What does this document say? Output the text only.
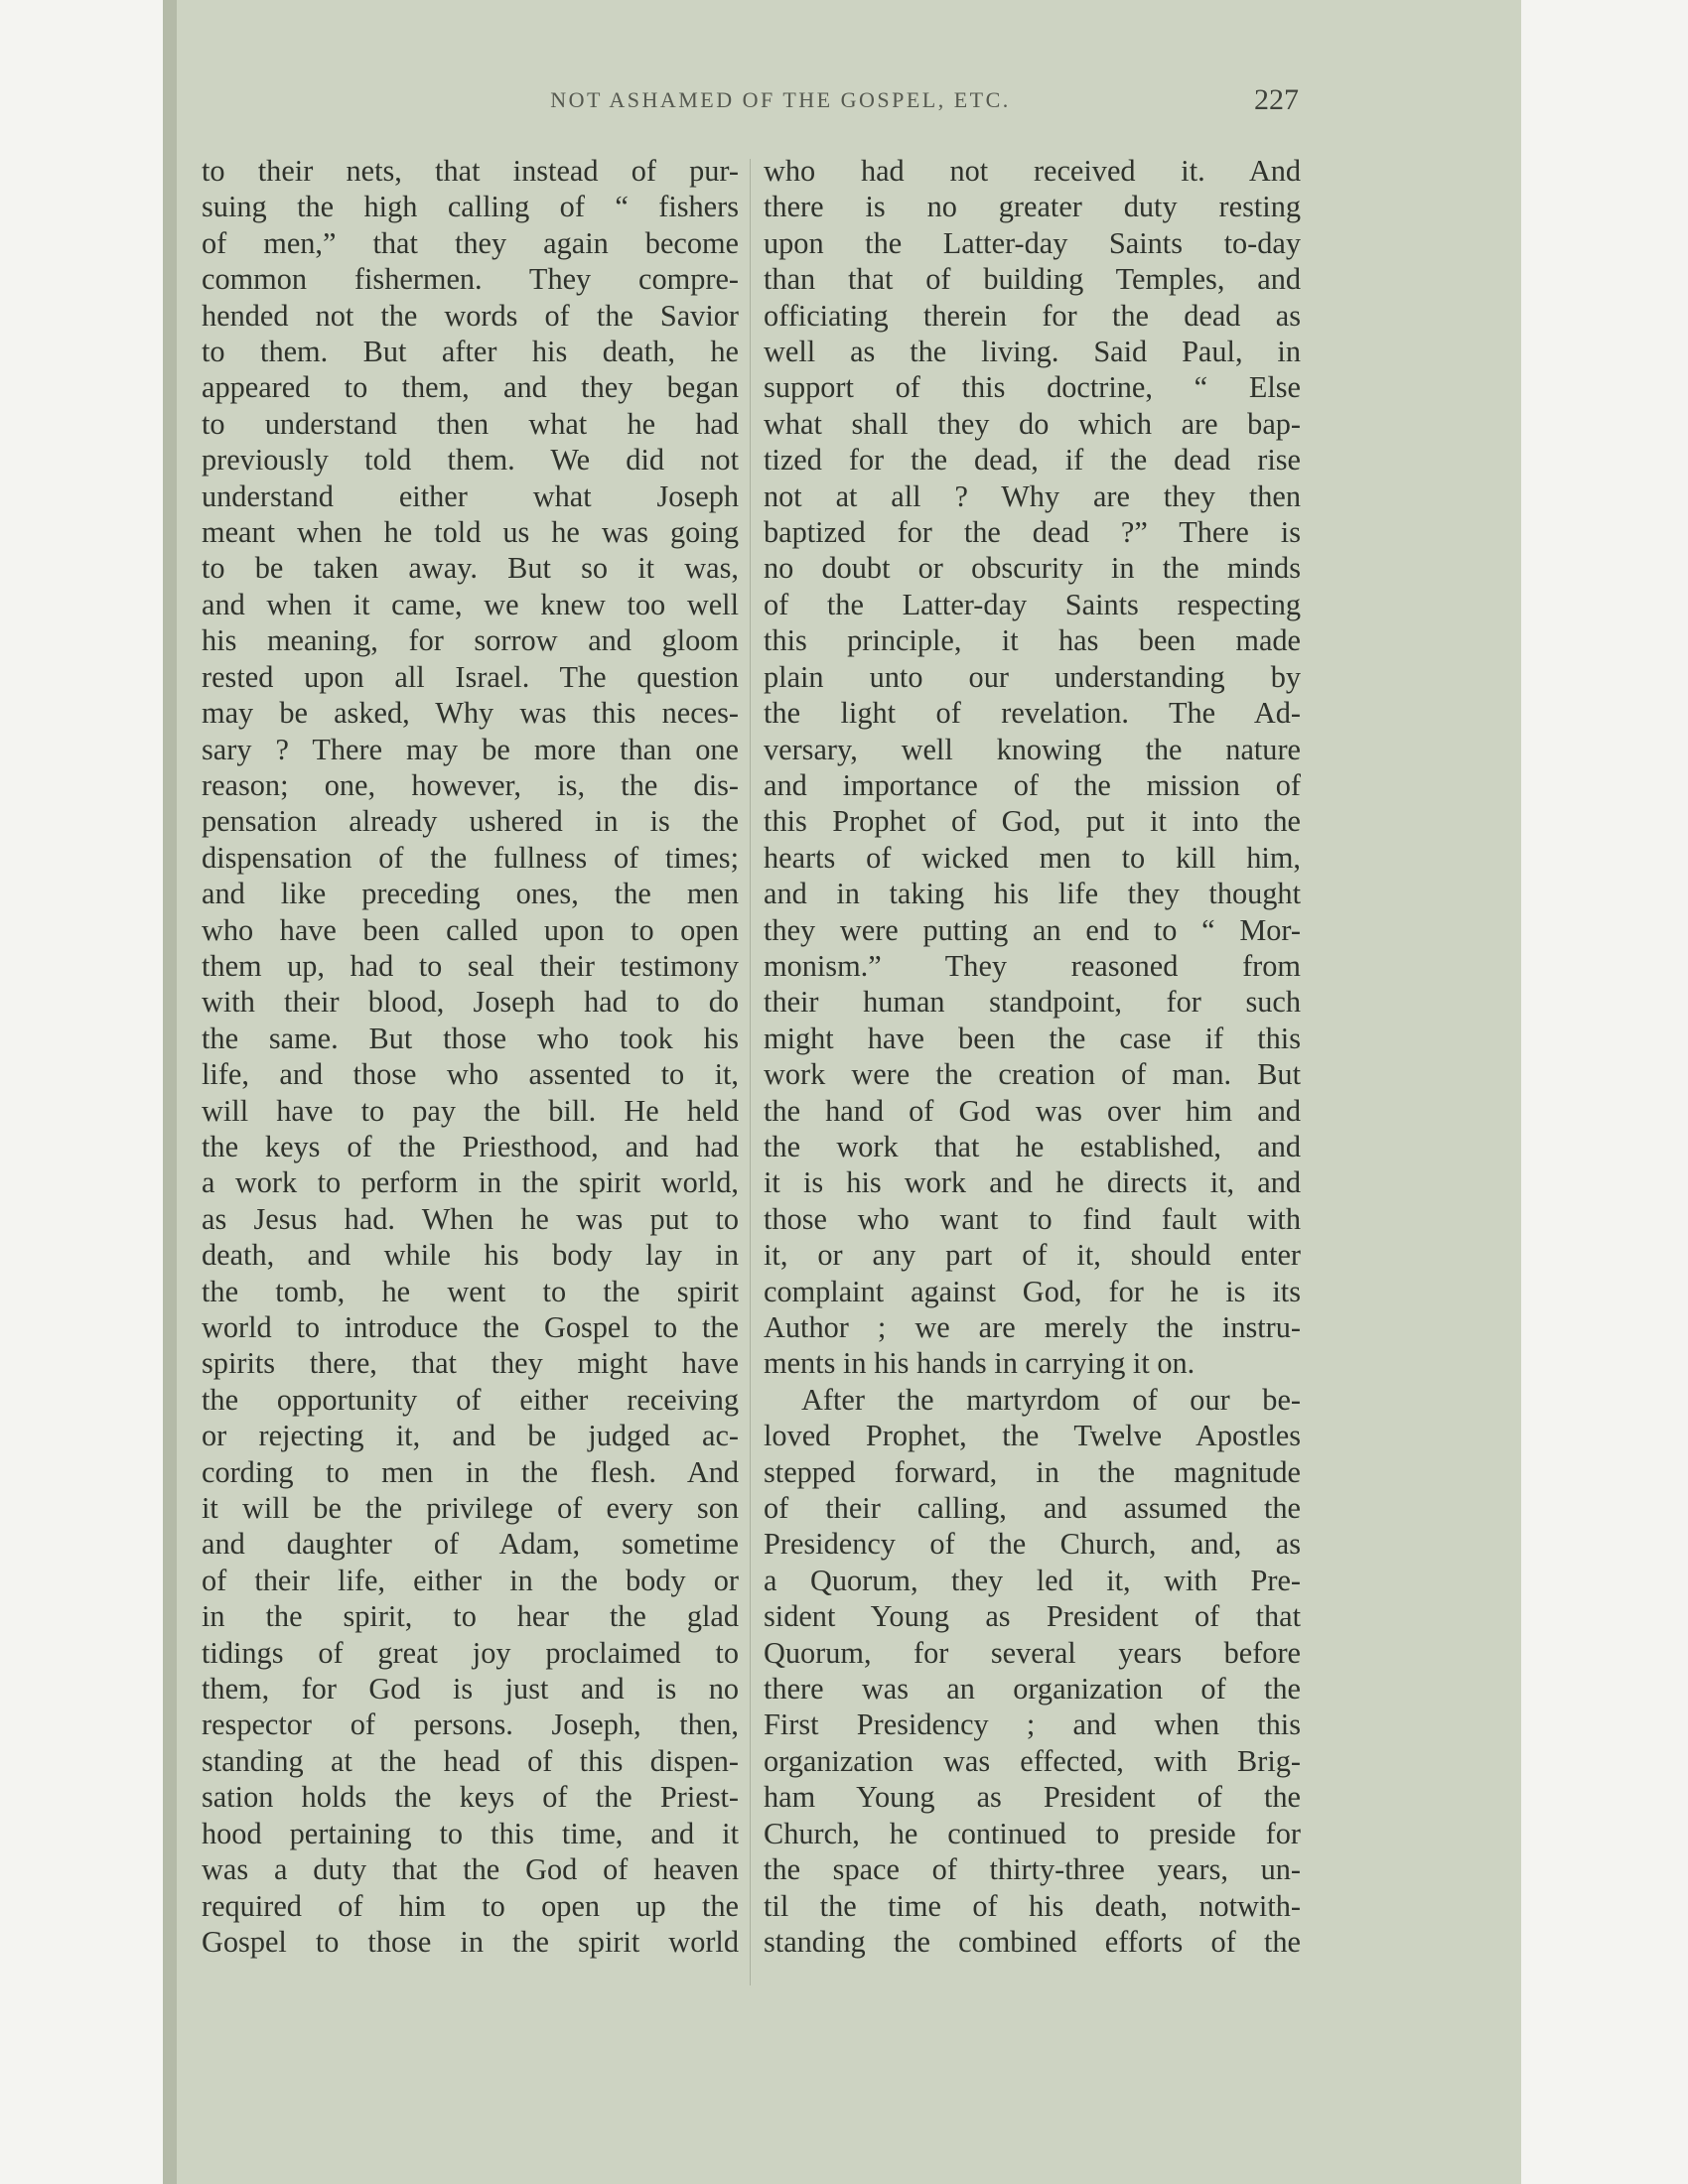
NOT ASHAMED OF THE GOSPEL, ETC.	227
to their nets, that instead of pur-
suing the high calling of “ fishers
of men,” that they again become
common fishermen. They compre-
hended not the words of the Savior
to them. But after his death, he
appeared to them, and they began
to understand then what he had
previously told them. We did not
understand either what Joseph
meant when he told us he was going
to be taken away. But so it was,
and when it came, we knew too well
his meaning, for sorrow and gloom
rested upon all Israel. The question
may be asked, Why was this neces-
sary ? There may be more than one
reason; one, however, is, the dis-
pensation already ushered in is the
dispensation of the fullness of times;
and like preceding ones, the men
who have been called upon to open
them up, had to seal their testimony
with their blood, Joseph had to do
the same. But those who took his
life, and those who assented to it,
will have to pay the bill. He held
the keys of the Priesthood, and had
a work to perform in the spirit world,
as Jesus had. When he was put to
death, and while his body lay in
the tomb, he went to the spirit
world to introduce the Gospel to the
spirits there, that they might have
the opportunity of either receiving
or rejecting it, and be judged ac-
cording to men in the flesh. And
it will be the privilege of every son
and daughter of Adam, sometime
of their life, either in the body or
in the spirit, to hear the glad
tidings of great joy proclaimed to
them, for God is just and is no
respector of persons. Joseph, then,
standing at the head of this dispen-
sation holds the keys of the Priest-
hood pertaining to this time, and it
was a duty that the God of heaven
required of him to open up the
Gospel to those in the spirit world
who had not received it. And
there is no greater duty resting
upon the Latter-day Saints to-day
than that of building Temples, and
officiating therein for the dead as
well as the living. Said Paul, in
support of this doctrine, “ Else
what shall they do which are bap-
tized for the dead, if the dead rise
not at all ? Why are they then
baptized for the dead ?” There is
no doubt or obscurity in the minds
of the Latter-day Saints respecting
this principle, it has been made
plain unto our understanding by
the light of revelation. The Ad-
versary, well knowing the nature
and importance of the mission of
this Prophet of God, put it into the
hearts of wicked men to kill him,
and in taking his life they thought
they were putting an end to “ Mor-
monism.” They reasoned from
their human standpoint, for such
might have been the case if this
work were the creation of man. But
the hand of God was over him and
the work that he established, and
it is his work and he directs it, and
those who want to find fault with
it, or any part of it, should enter
complaint against God, for he is its
Author ; we are merely the instru-
ments in his hands in carrying it on.
After the martyrdom of our be-
loved Prophet, the Twelve Apostles
stepped forward, in the magnitude
of their calling, and assumed the
Presidency of the Church, and, as
a Quorum, they led it, with Pre-
sident Young as President of that
Quorum, for several years before
there was an organization of the
First Presidency ; and when this
organization was effected, with Brig-
ham Young as President of the
Church, he continued to preside for
the space of thirty-three years, un-
til the time of his death, notwith-
standing the combined efforts of the
